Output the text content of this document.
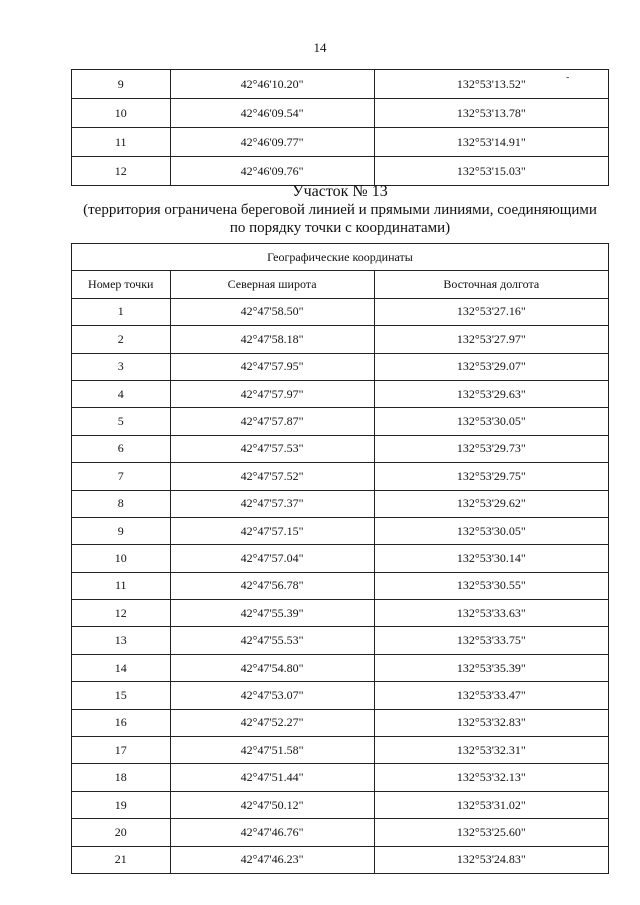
14
-
9	42°46'10.20"	132°53'13.52"
10	42°46'09.54"	132°53'13.78"
11	42°46'09.77"	132°53'14.91"
12	42°46'09.76"	132°53'15.03"
Участок № 13
(территория ограничена береговой линией и прямыми линиями, соединяющими
по порядку точки с координатами)
Географические координаты		
Номер точки	Северная широта	Восточная долгота
1	42°47'58.50"	132°53'27.16"
2	42°47'58.18"	132°53'27.97"
3	42°47'57.95"	132°53'29.07"
4	42°47'57.97"	132°53'29.63"
5	42°47'57.87"	132°53'30.05"
6	42°47'57.53"	132°53'29.73"
7	42°47'57.52"	132°53'29.75"
8	42°47'57.37"	132°53'29.62"
9	42°47'57.15"	132°53'30.05"
10	42°47'57.04"	132°53'30.14"
11	42°47'56.78"	132°53'30.55"
12	42°47'55.39"	132°53'33.63"
13	42°47'55.53"	132°53'33.75"
14	42°47'54.80"	132°53'35.39"
15	42°47'53.07"	132°53'33.47"
16	42°47'52.27"	132°53'32.83"
17	42°47'51.58"	132°53'32.31"
18	42°47'51.44"	132°53'32.13"
19	42°47'50.12"	132°53'31.02"
20	42°47'46.76"	132°53'25.60"
21	42°47'46.23"	132°53'24.83"
